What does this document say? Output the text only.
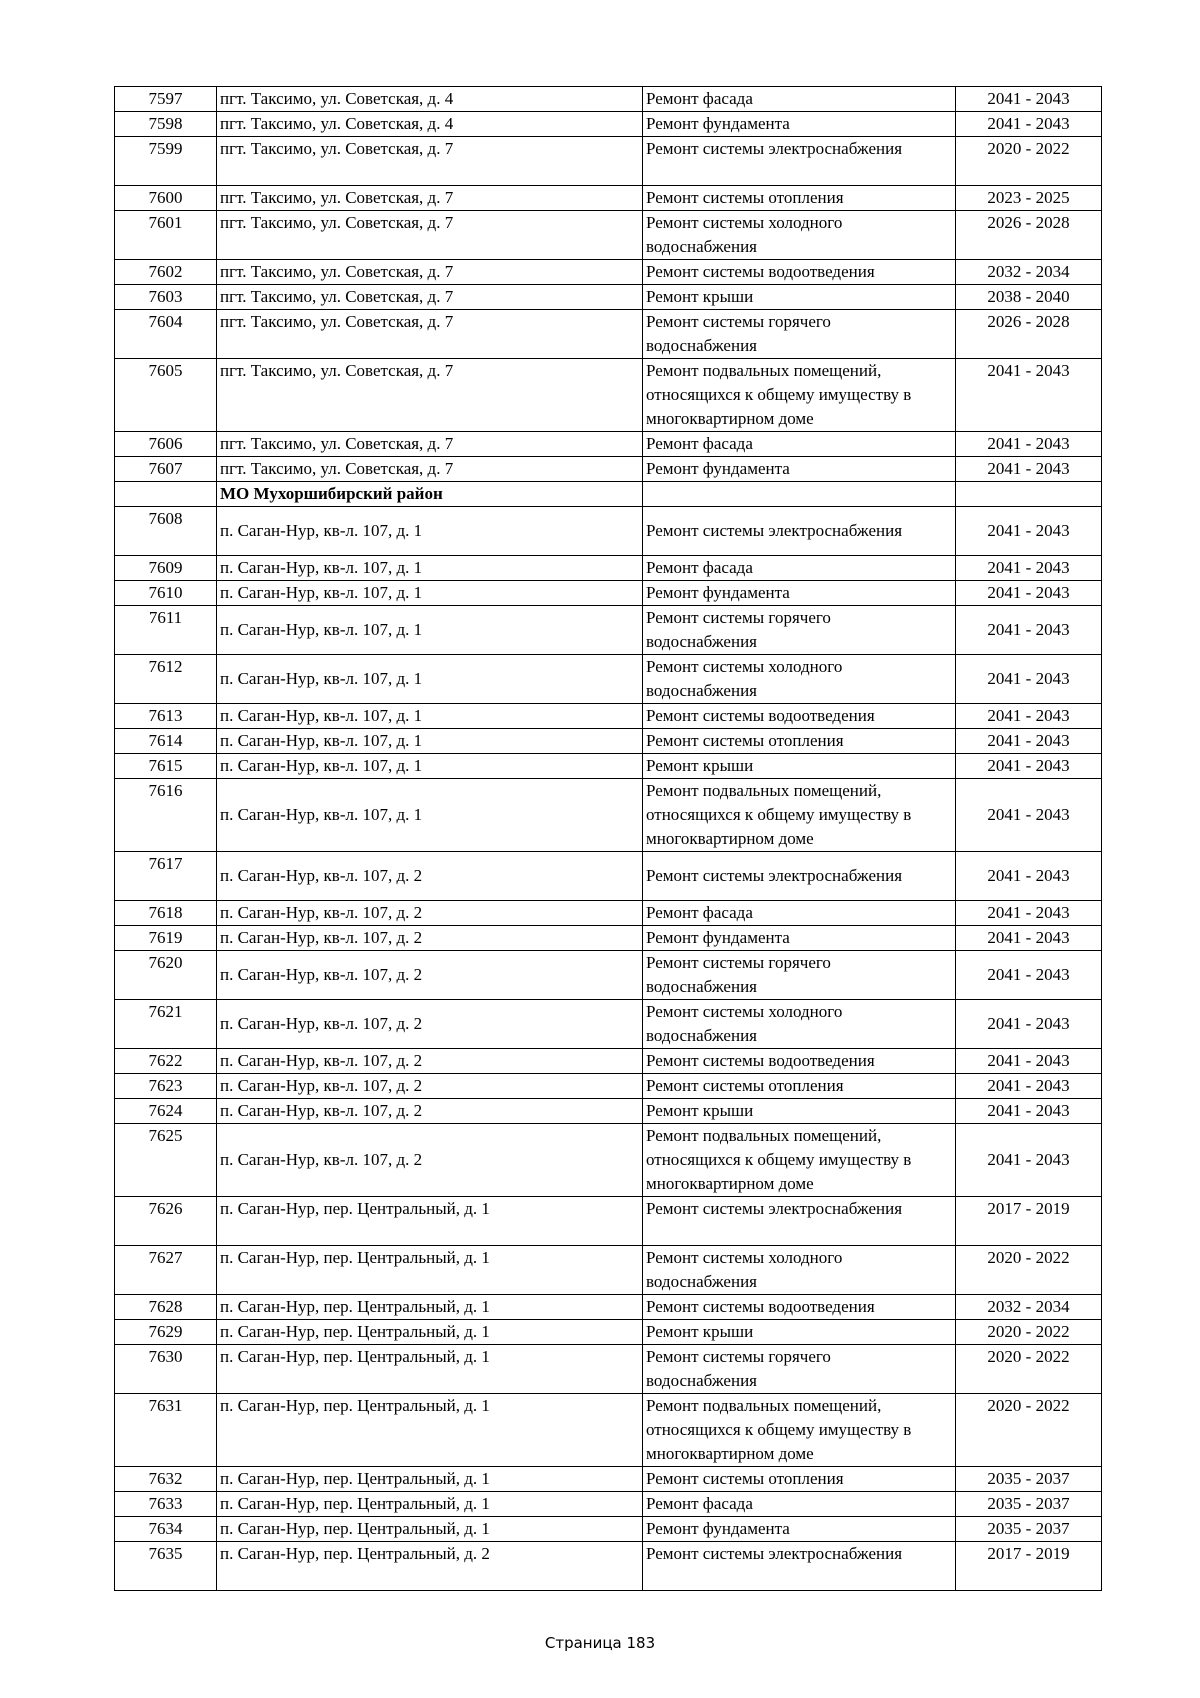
7597	пгт. Таксимо, ул. Советская, д. 4	Ремонт фасада	2041 - 2043
7598	пгт. Таксимо, ул. Советская, д. 4	Ремонт фундамента	2041 - 2043
7599	пгт. Таксимо, ул. Советская, д. 7	Ремонт системы электроснабжения	2020 - 2022
7600	пгт. Таксимо, ул. Советская, д. 7	Ремонт системы отопления	2023 - 2025
7601	пгт. Таксимо, ул. Советская, д. 7	Ремонт системы холодного
водоснабжения	2026 - 2028
7602	пгт. Таксимо, ул. Советская, д. 7	Ремонт системы водоотведения	2032 - 2034
7603	пгт. Таксимо, ул. Советская, д. 7	Ремонт крыши	2038 - 2040
7604	пгт. Таксимо, ул. Советская, д. 7	Ремонт системы горячего
водоснабжения	2026 - 2028
7605	пгт. Таксимо, ул. Советская, д. 7	Ремонт подвальных помещений,
относящихся к общему имуществу в
многоквартирном доме	2041 - 2043
7606	пгт. Таксимо, ул. Советская, д. 7	Ремонт фасада	2041 - 2043
7607	пгт. Таксимо, ул. Советская, д. 7	Ремонт фундамента	2041 - 2043
	МО Мухоршибирский район		
7608	п. Саган-Нур, кв-л. 107, д. 1	Ремонт системы электроснабжения	2041 - 2043
7609	п. Саган-Нур, кв-л. 107, д. 1	Ремонт фасада	2041 - 2043
7610	п. Саган-Нур, кв-л. 107, д. 1	Ремонт фундамента	2041 - 2043
7611	п. Саган-Нур, кв-л. 107, д. 1	Ремонт системы горячего
водоснабжения	2041 - 2043
7612	п. Саган-Нур, кв-л. 107, д. 1	Ремонт системы холодного
водоснабжения	2041 - 2043
7613	п. Саган-Нур, кв-л. 107, д. 1	Ремонт системы водоотведения	2041 - 2043
7614	п. Саган-Нур, кв-л. 107, д. 1	Ремонт системы отопления	2041 - 2043
7615	п. Саган-Нур, кв-л. 107, д. 1	Ремонт крыши	2041 - 2043
7616	п. Саган-Нур, кв-л. 107, д. 1	Ремонт подвальных помещений,
относящихся к общему имуществу в
многоквартирном доме	2041 - 2043
7617	п. Саган-Нур, кв-л. 107, д. 2	Ремонт системы электроснабжения	2041 - 2043
7618	п. Саган-Нур, кв-л. 107, д. 2	Ремонт фасада	2041 - 2043
7619	п. Саган-Нур, кв-л. 107, д. 2	Ремонт фундамента	2041 - 2043
7620	п. Саган-Нур, кв-л. 107, д. 2	Ремонт системы горячего
водоснабжения	2041 - 2043
7621	п. Саган-Нур, кв-л. 107, д. 2	Ремонт системы холодного
водоснабжения	2041 - 2043
7622	п. Саган-Нур, кв-л. 107, д. 2	Ремонт системы водоотведения	2041 - 2043
7623	п. Саган-Нур, кв-л. 107, д. 2	Ремонт системы отопления	2041 - 2043
7624	п. Саган-Нур, кв-л. 107, д. 2	Ремонт крыши	2041 - 2043
7625	п. Саган-Нур, кв-л. 107, д. 2	Ремонт подвальных помещений,
относящихся к общему имуществу в
многоквартирном доме	2041 - 2043
7626	п. Саган-Нур, пер. Центральный, д. 1	Ремонт системы электроснабжения	2017 - 2019
7627	п. Саган-Нур, пер. Центральный, д. 1	Ремонт системы холодного
водоснабжения	2020 - 2022
7628	п. Саган-Нур, пер. Центральный, д. 1	Ремонт системы водоотведения	2032 - 2034
7629	п. Саган-Нур, пер. Центральный, д. 1	Ремонт крыши	2020 - 2022
7630	п. Саган-Нур, пер. Центральный, д. 1	Ремонт системы горячего
водоснабжения	2020 - 2022
7631	п. Саган-Нур, пер. Центральный, д. 1	Ремонт подвальных помещений,
относящихся к общему имуществу в
многоквартирном доме	2020 - 2022
7632	п. Саган-Нур, пер. Центральный, д. 1	Ремонт системы отопления	2035 - 2037
7633	п. Саган-Нур, пер. Центральный, д. 1	Ремонт фасада	2035 - 2037
7634	п. Саган-Нур, пер. Центральный, д. 1	Ремонт фундамента	2035 - 2037
7635	п. Саган-Нур, пер. Центральный, д. 2	Ремонт системы электроснабжения	2017 - 2019
Страница 183
